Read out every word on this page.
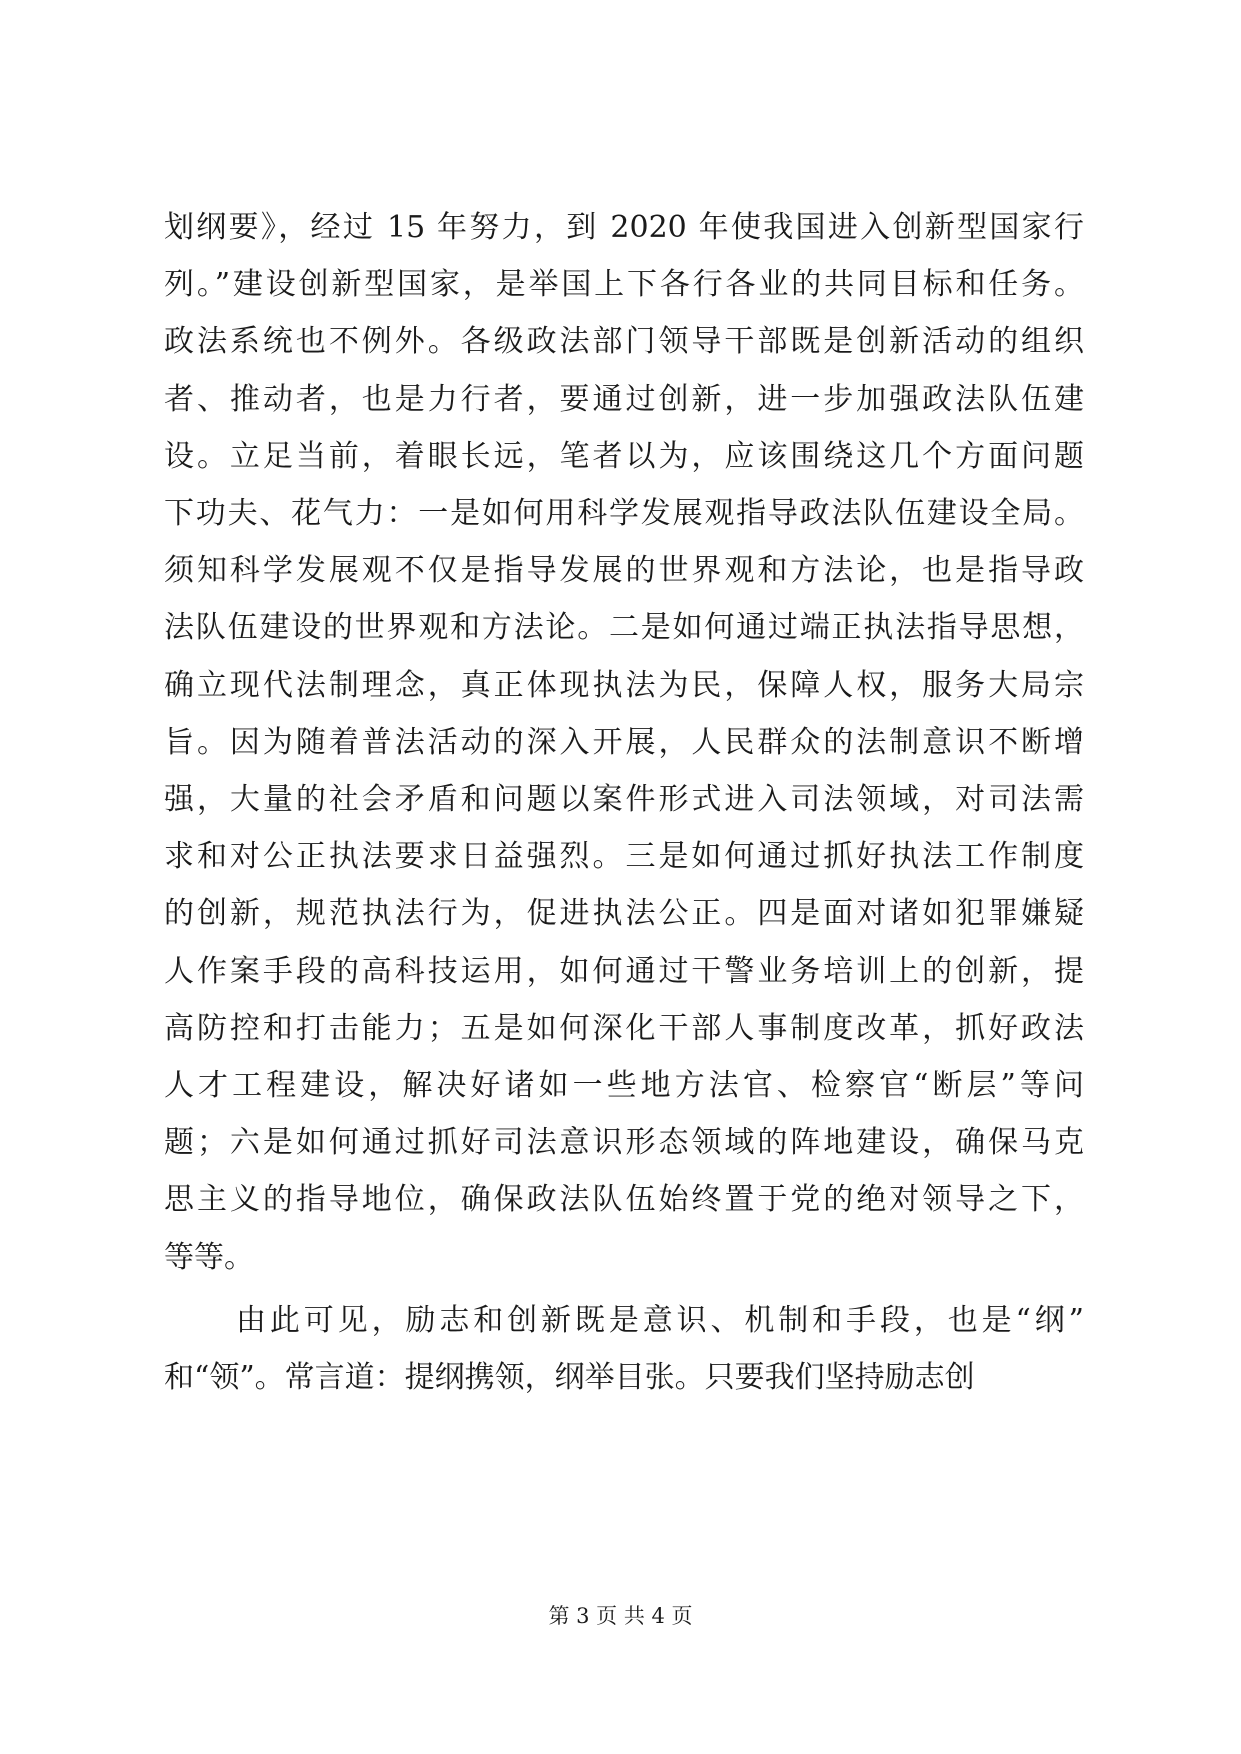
划纲要》，经过 15 年努力，到 2020 年使我国进入创新型国家行
列。”建设创新型国家，是举国上下各行各业的共同目标和任务。
政法系统也不例外。各级政法部门领导干部既是创新活动的组织
者、推动者，也是力行者，要通过创新，进一步加强政法队伍建
设。立足当前，着眼长远，笔者以为，应该围绕这几个方面问题
下功夫、花气力：一是如何用科学发展观指导政法队伍建设全局。
须知科学发展观不仅是指导发展的世界观和方法论，也是指导政
法队伍建设的世界观和方法论。二是如何通过端正执法指导思想，
确立现代法制理念，真正体现执法为民，保障人权，服务大局宗
旨。因为随着普法活动的深入开展，人民群众的法制意识不断增
强，大量的社会矛盾和问题以案件形式进入司法领域，对司法需
求和对公正执法要求日益强烈。三是如何通过抓好执法工作制度
的创新，规范执法行为，促进执法公正。四是面对诸如犯罪嫌疑
人作案手段的高科技运用，如何通过干警业务培训上的创新，提
高防控和打击能力；五是如何深化干部人事制度改革，抓好政法
人才工程建设，解决好诸如一些地方法官、检察官“断层”等问
题；六是如何通过抓好司法意识形态领域的阵地建设，确保马克
思主义的指导地位，确保政法队伍始终置于党的绝对领导之下，
等等。
由此可见，励志和创新既是意识、机制和手段，也是“纲”
和“领”。常言道：提纲携领，纲举目张。只要我们坚持励志创
第 3 页 共 4 页
